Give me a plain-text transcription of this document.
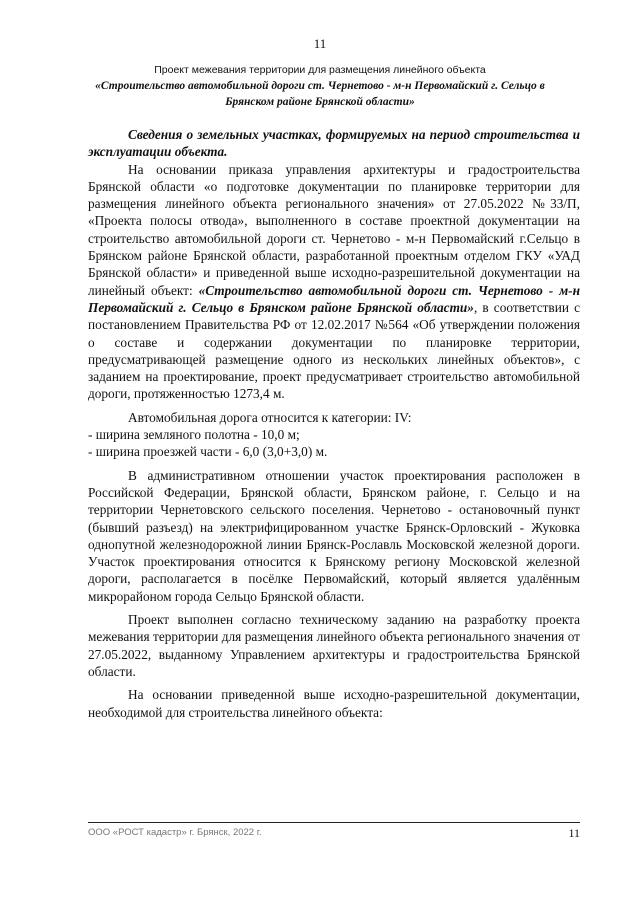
11
Проект межевания территории для размещения линейного объекта
«Строительство автомобильной дороги ст. Чернетово - м-н Первомайский г. Сельцо в Брянском районе Брянской области»

Сведения о земельных участках, формируемых на период строительства и эксплуатации объекта.

На основании приказа управления архитектуры и градостроительства Брянской области «о подготовке документации по планировке территории для размещения линейного объекта регионального значения» от 27.05.2022 №33/П, «Проекта полосы отвода», выполненного в составе проектной документации на строительство автомобильной дороги ст. Чернетово - м-н Первомайский г.Сельцо в Брянском районе Брянской области, разработанной проектным отделом ГКУ «УАД Брянской области» и приведенной выше исходно-разрешительной документации на линейный объект: «Строительство автомобильной дороги ст. Чернетово - м-н Первомайский г. Сельцо в Брянском районе Брянской области», в соответствии с постановлением Правительства РФ от 12.02.2017 №564 «Об утверждении положения о составе и содержании документации по планировке территории, предусматривающей размещение одного из нескольких линейных объектов», с заданием на проектирование, проект предусматривает строительство автомобильной дороги, протяженностью 1273,4 м.

Автомобильная дорога относится к категории: IV:

- ширина земляного полотна - 10,0 м;

- ширина проезжей части - 6,0 (3,0+3,0) м.

В административном отношении участок проектирования расположен в Российской Федерации, Брянской области, Брянском районе, г. Сельцо и на территории Чернетовского сельского поселения. Чернетово - остановочный пункт (бывший разъезд) на электрифицированном участке Брянск-Орловский - Жуковка однопутной железнодорожной линии Брянск-Рославль Московской железной дороги. Участок проектирования относится к Брянскому региону Московской железной дороги, располагается в посёлке Первомайский, который является удалённым микрорайоном города Сельцо Брянской области.

Проект выполнен согласно техническому заданию на разработку проекта межевания территории для размещения линейного объекта регионального значения от 27.05.2022, выданному Управлением архитектуры и градостроительства Брянской области.

На основании приведенной выше исходно-разрешительной документации, необходимой для строительства линейного объекта:

ООО «РОСТ кадастр» г. Брянск, 2022 г.	11
